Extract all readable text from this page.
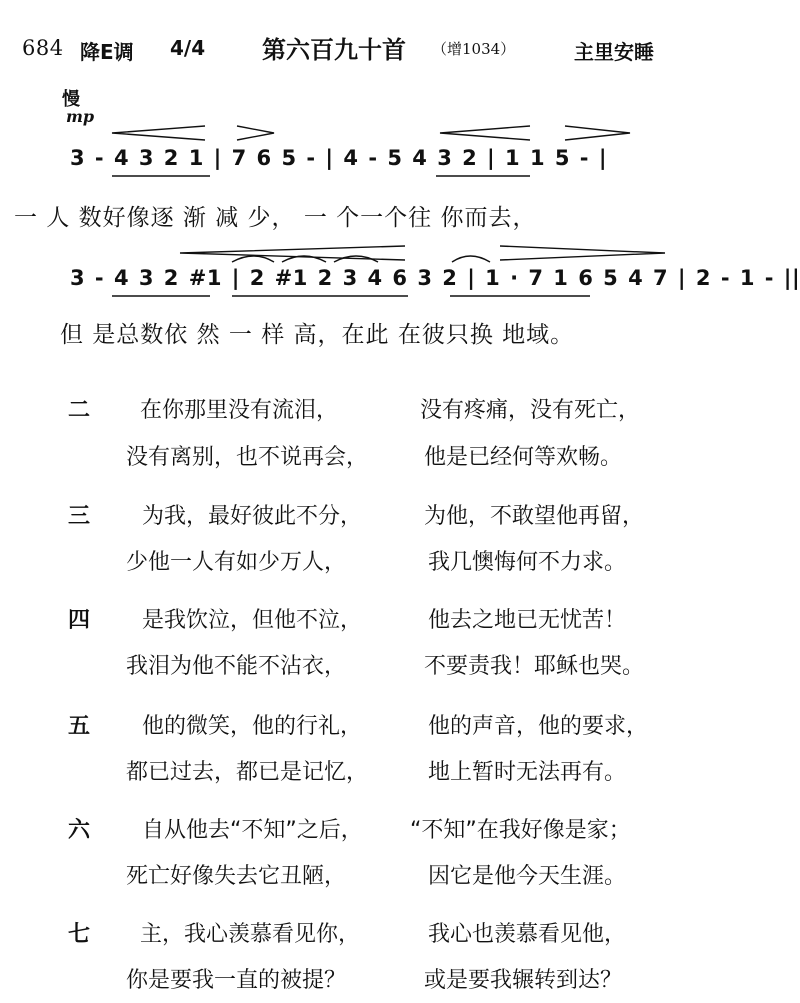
684 降E调 4/4 第六百九十首 （增1034）	主里安睡
慢
mp
3 - 4 3 2 1 | 7 6 5 - | 4 - 5 4 3 2 | 1 1 5 - |
一 人 数好像逐 渐 减 少， 一 个一个往 你而去，
3 - 4 3 2 #1 | 2 #1 2 3 4 6 3 2 | 1 · 7 1 6 5 4 7 | 2 - 1 - ||
但 是总数依 然 一 样 高，在此 在彼只换 地域。
二 在你那里没有流泪，	没有疼痛，没有死亡，
没有离别，也不说再会，	他是已经何等欢畅。
三 为我，最好彼此不分，	为他，不敢望他再留，
少他一人有如少万人，	我几懊悔何不力求。
四 是我饮泣，但他不泣，	他去之地已无忧苦！
我泪为他不能不沾衣，	不要责我！耶稣也哭。
五 他的微笑，他的行礼，	他的声音，他的要求，
都已过去，都已是记忆，	地上暂时无法再有。
六 自从他去“不知”之后， “不知”在我好像是家；
死亡好像失去它丑陋，	因它是他今天生涯。
七 主，我心羡慕看见你，	我心也羡慕看见他，
你是要我一直的被提？	或是要我辗转到达？
